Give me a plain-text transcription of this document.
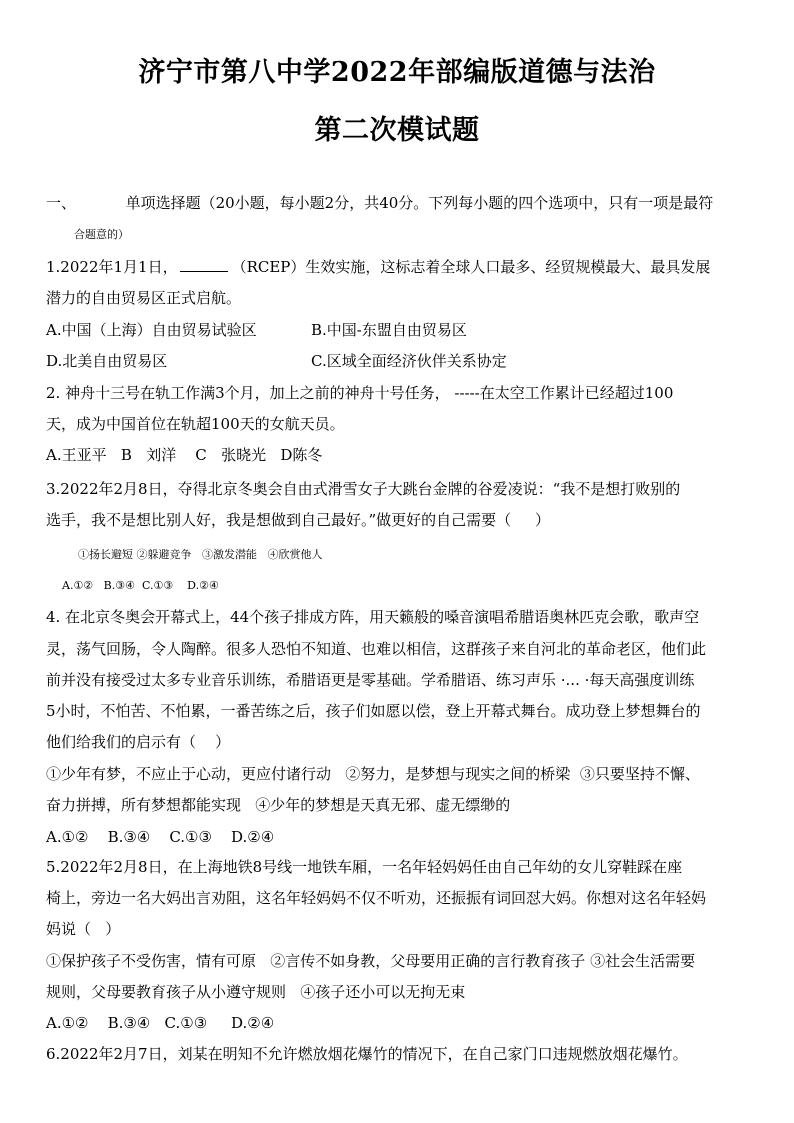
济宁市第八中学2022年部编版道德与法治
第二次模试题
一、	单项选择题（20小题，每小题2分，共40分。下列每小题的四个选项中，只有一项是最符
合题意的）
1.2022年1月1日，	（RCEP）生效实施，这标志着全球人口最多、经贸规模最大、最具发展
潜力的自由贸易区正式启航。
A.中国（上海）自由贸易试验区	B.中国-东盟自由贸易区
D.北美自由贸易区	C.区域全面经济伙伴关系协定
2. 神舟十三号在轨工作满3个月，加上之前的神舟十号任务， -----在太空工作累计已经超过100
天，成为中国首位在轨超100天的女航天员。
A.王亚平   B   刘洋    C   张晓光   D陈冬
3.2022年2月8日，夺得北京冬奥会自由式滑雪女子大跳台金牌的谷爱凌说：“我不是想打败别的
选手，我不是想比别人好，我是想做到自己最好。”做更好的自己需要（     ）
①扬长避短 ②躲避竞争   ③激发潜能   ④欣赏他人
A.①②   B.③④  C.①③    D.②④
4. 在北京冬奥会开幕式上，44个孩子排成方阵，用天籁般的嗓音演唱希腊语奥林匹克会歌，歌声空
灵，荡气回肠，令人陶醉。很多人恐怕不知道、也难以相信，这群孩子来自河北的革命老区，他们此
前并没有接受过太多专业音乐训练，希腊语更是零基础。学希腊语、练习声乐 ·... ·每天高强度训练
5小时，不怕苦、不怕累，一番苦练之后，孩子们如愿以偿，登上开幕式舞台。成功登上梦想舞台的
他们给我们的启示有（    ）
①少年有梦，不应止于心动，更应付诸行动   ②努力，是梦想与现实之间的桥梁  ③只要坚持不懈、
奋力拼搏，所有梦想都能实现   ④少年的梦想是天真无邪、虚无缥缈的
A.①②    B.③④    C.①③    D.②④
5.2022年2月8日，在上海地铁8号线一地铁车厢，一名年轻妈妈任由自己年幼的女儿穿鞋踩在座
椅上，旁边一名大妈出言劝阻，这名年轻妈妈不仅不听劝，还振振有词回怼大妈。你想对这名年轻妈
妈说（   ）
①保护孩子不受伤害，情有可原   ②言传不如身教，父母要用正确的言行教育孩子 ③社会生活需要
规则，父母要教育孩子从小遵守规则   ④孩子还小可以无拘无束
A.①②    B.③④   C.①③     D.②④
6.2022年2月7日，刘某在明知不允许燃放烟花爆竹的情况下，在自己家门口违规燃放烟花爆竹。
